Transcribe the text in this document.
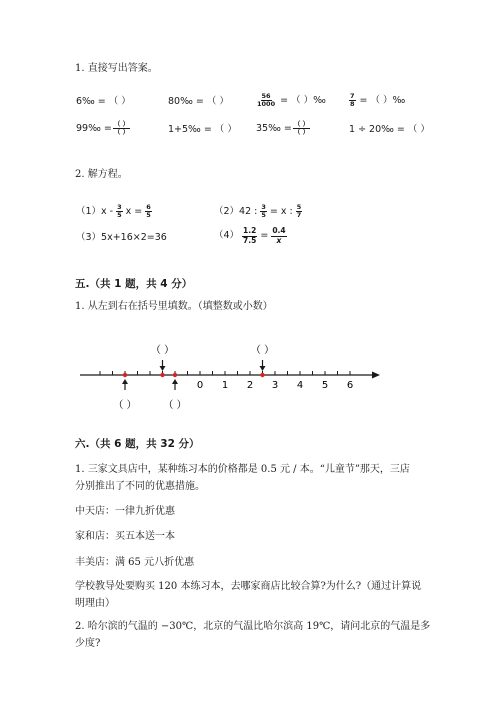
1. 直接写出答案。
6‰ = （ ）	80‰ = （ ）	$\frac{56}{1000}$ = （ ）‰	$\frac{7}{8}$ = （ ）‰
99‰ = $\frac{( )}{( )}$	1+5‰ = （ ） 35‰ = $\frac{( )}{( )}$	1 ÷ 20‰ = （ ）
2. 解方程。
$(1)x - \frac{3}{5}$ $x = \frac{6}{5}$	（2）42 : $\frac{3}{5} = x$ : $\frac{5}{7}$
（3）5x+16×2=36	$(4) \frac{1.2}{7.5} = \frac{0.4}{x}$
五.（共 1 题，共 4 分）
1. 从左到右在括号里填数。（填整数或小数）
0 1 2 3 4 5 6
（ ）	（ ）
（ ）	（ ）
六.（共 6 题，共 32 分）
1. 三家文具店中，某种练习本的价格都是 0.5 元 / 本。“儿童节”那天，三店
分别推出了不同的优惠措施。
中天店：一律九折优惠
家和店：买五本送一本
丰美店：满 65 元八折优惠
学校教导处要购买 120 本练习本，去哪家商店比较合算?为什么?（通过计算说
明理由）
2. 哈尔滨的气温的 −30℃，北京的气温比哈尔滨高 19℃，请问北京的气温是多
少度?
